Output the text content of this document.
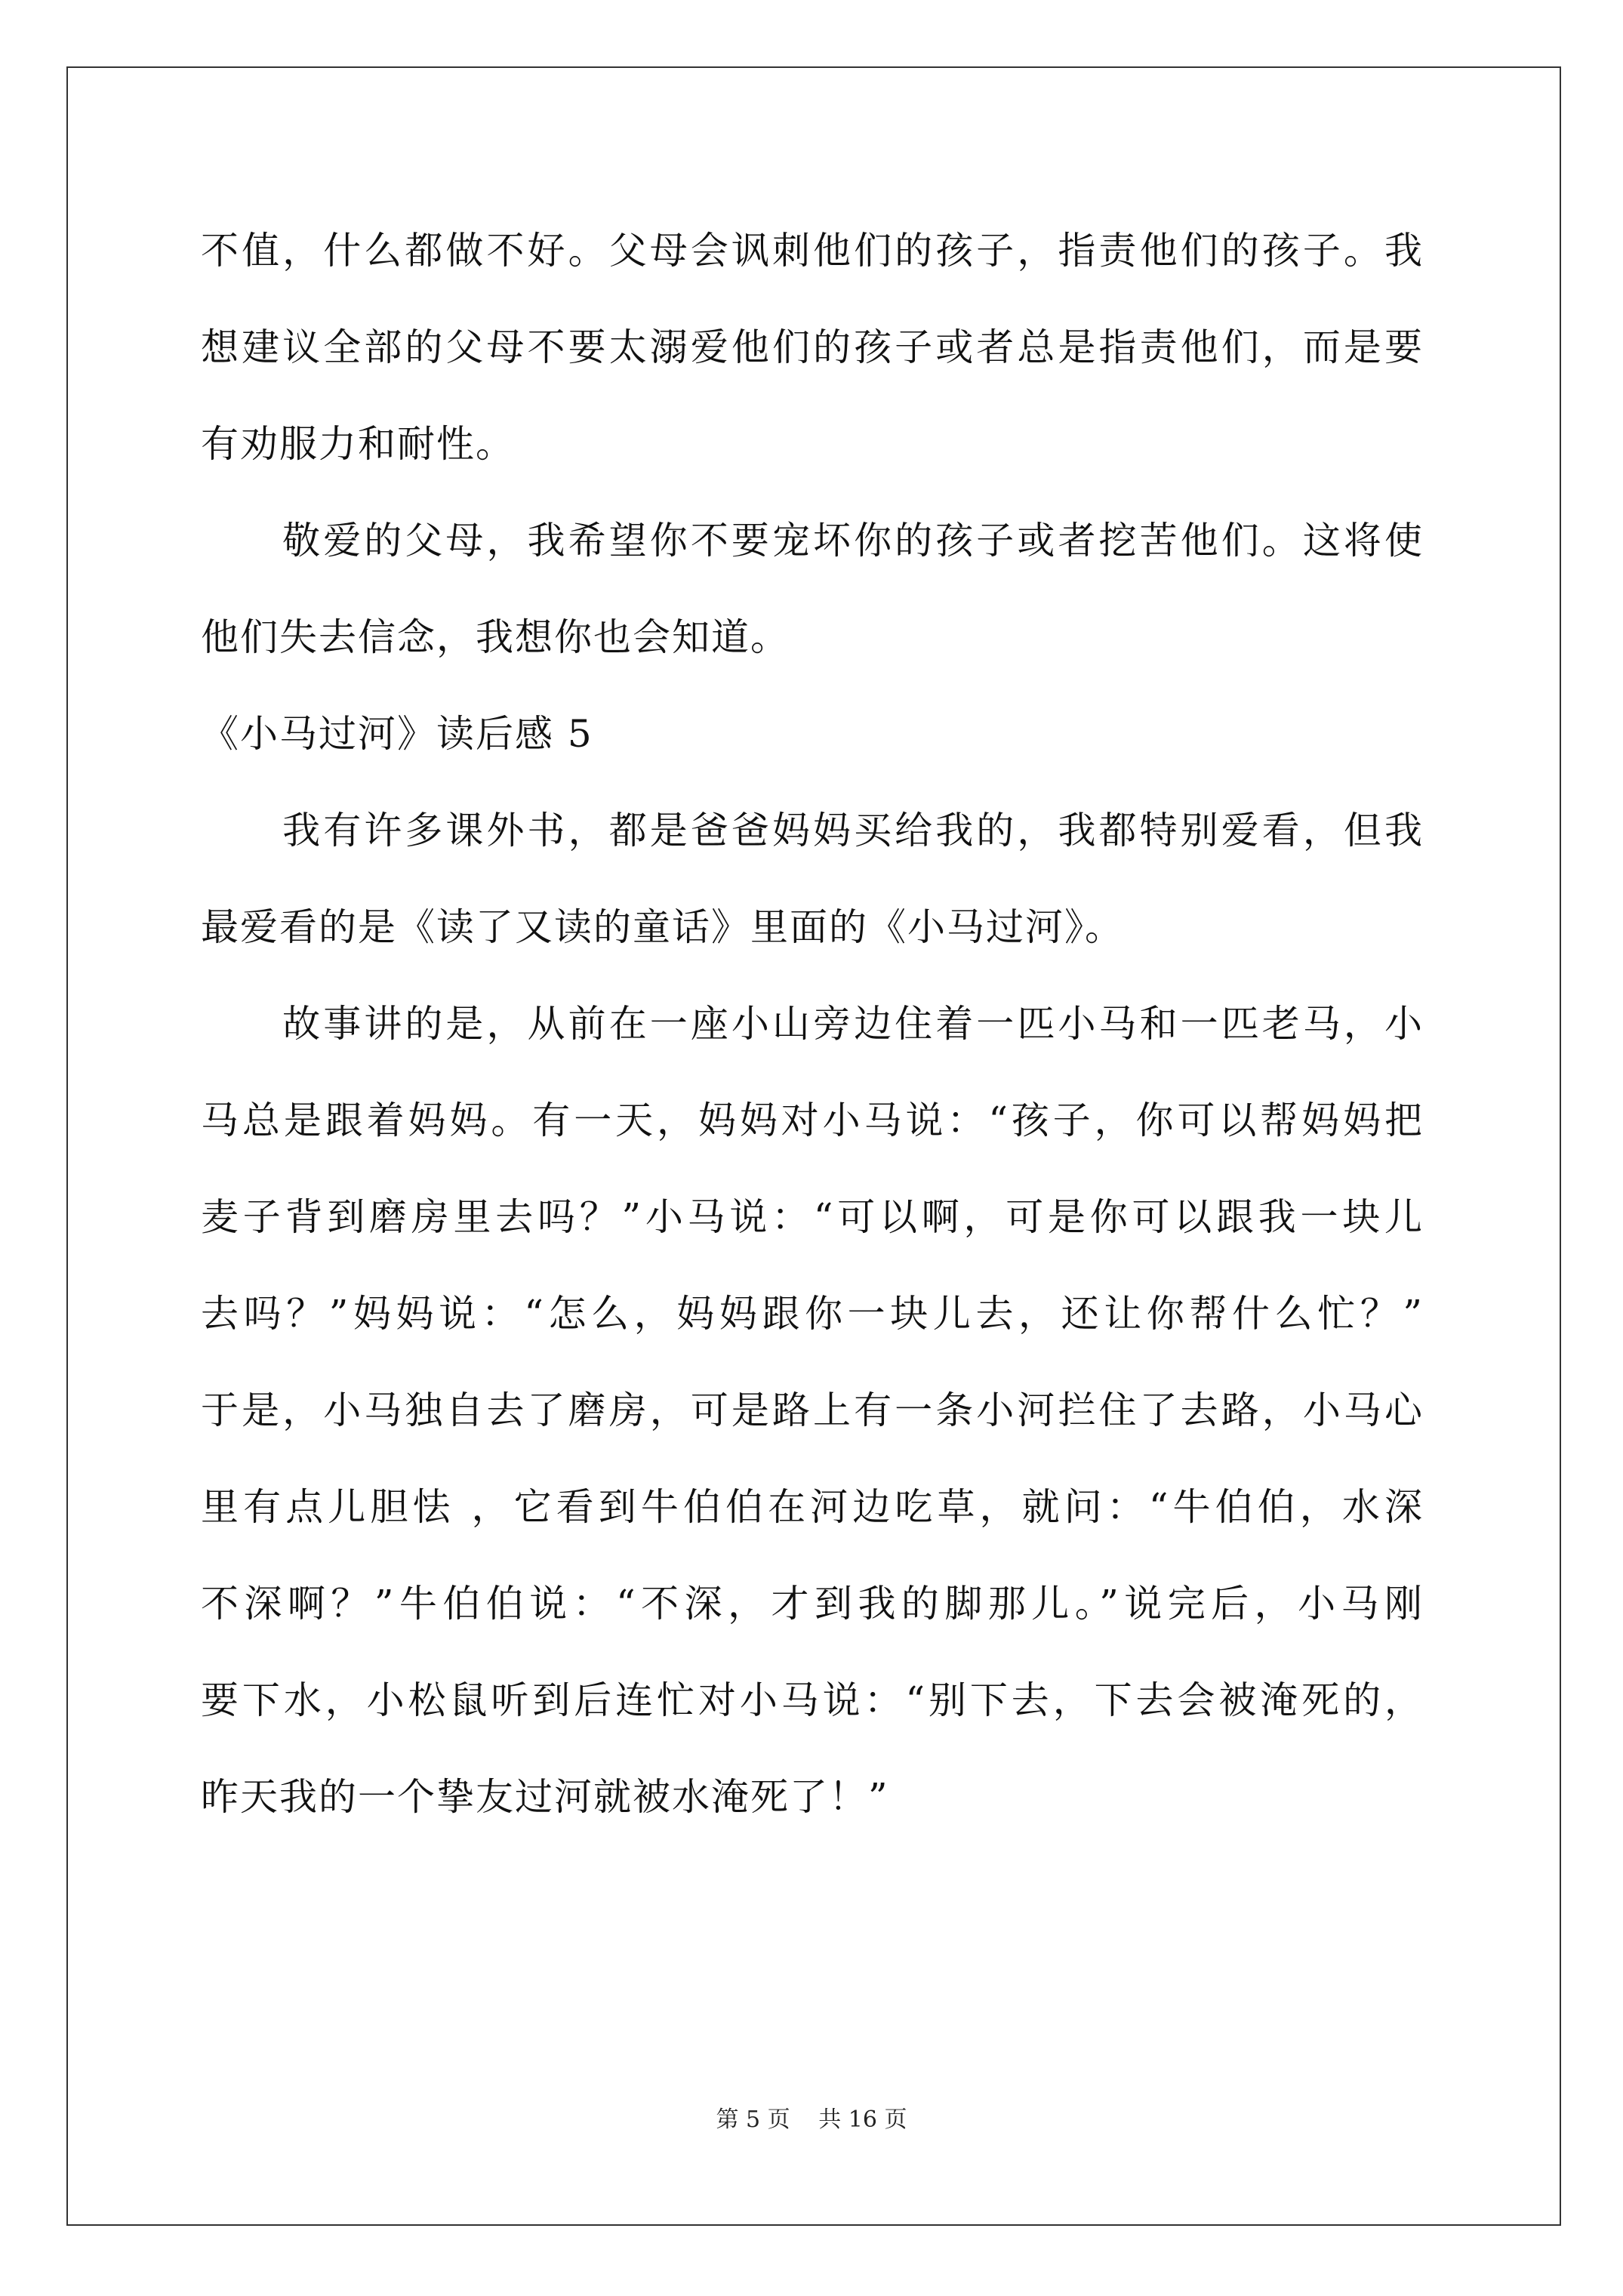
不值，什么都做不好。父母会讽刺他们的孩子，指责他们的孩子。我
想建议全部的父母不要太溺爱他们的孩子或者总是指责他们，而是要
有劝服力和耐性。
　　敬爱的父母，我希望你不要宠坏你的孩子或者挖苦他们。这将使
他们失去信念，我想你也会知道。
《小马过河》读后感 5
　　我有许多课外书，都是爸爸妈妈买给我的，我都特别爱看，但我
最爱看的是《读了又读的童话》里面的《小马过河》。
　　故事讲的是，从前在一座小山旁边住着一匹小马和一匹老马，小
马总是跟着妈妈。有一天，妈妈对小马说：“孩子，你可以帮妈妈把
麦子背到磨房里去吗？”小马说：“可以啊，可是你可以跟我一块儿
去吗？”妈妈说：“怎么，妈妈跟你一块儿去，还让你帮什么忙？”
于是，小马独自去了磨房，可是路上有一条小河拦住了去路，小马心
里有点儿胆怯 ，它看到牛伯伯在河边吃草，就问：“牛伯伯，水深
不深啊？”牛伯伯说：“不深，才到我的脚那儿。”说完后，小马刚
要下水，小松鼠听到后连忙对小马说：“别下去，下去会被淹死的，
昨天我的一个挚友过河就被水淹死了！”
第 5 页 共 16 页
